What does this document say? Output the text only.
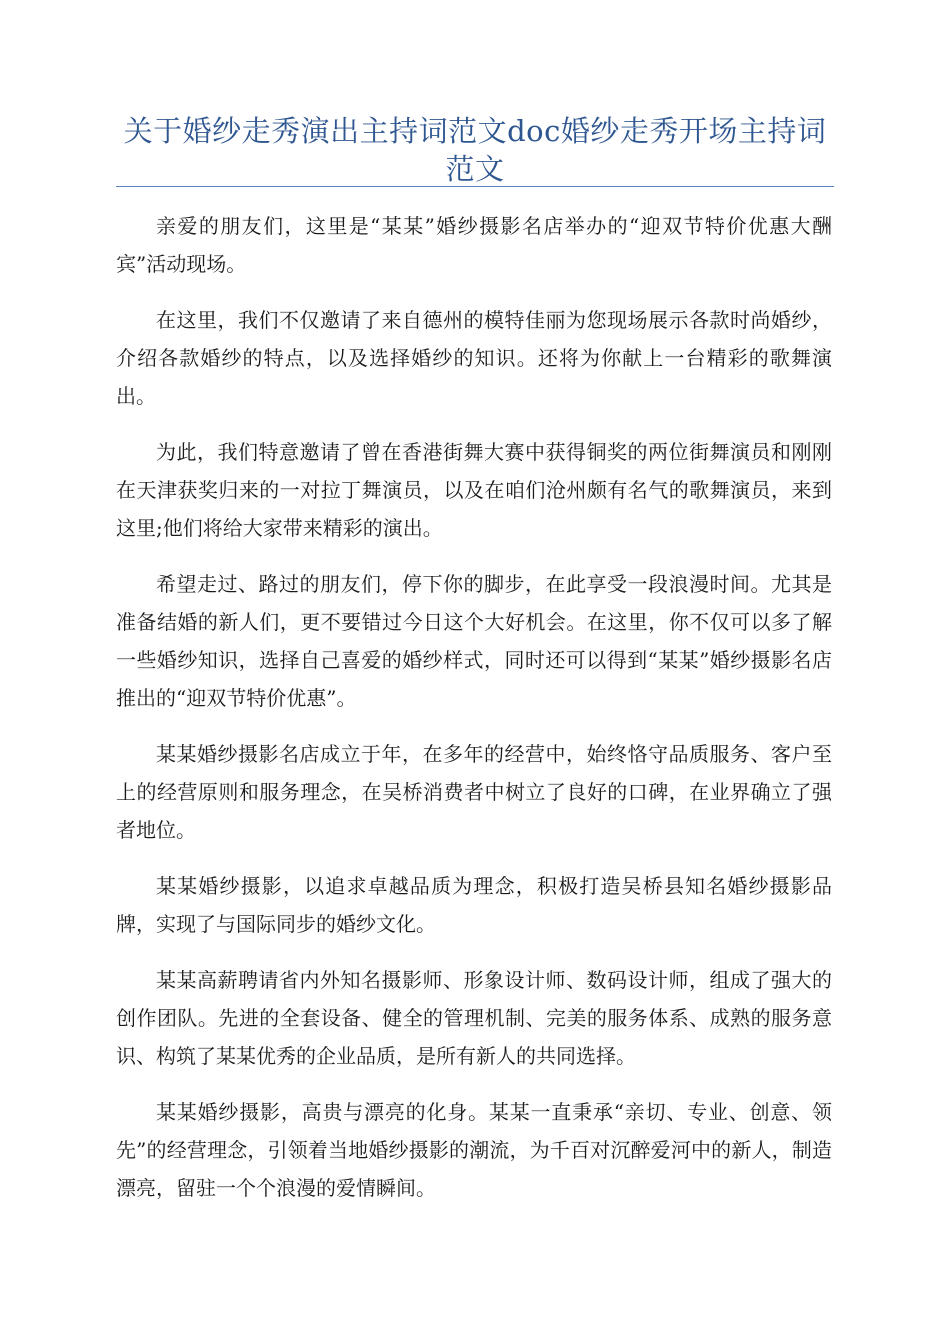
关于婚纱走秀演出主持词范文doc婚纱走秀开场主持词范文

亲爱的朋友们，这里是“某某”婚纱摄影名店举办的“迎双节特价优惠大酬宾”活动现场。

在这里，我们不仅邀请了来自德州的模特佳丽为您现场展示各款时尚婚纱，介绍各款婚纱的特点，以及选择婚纱的知识。还将为你献上一台精彩的歌舞演出。

为此，我们特意邀请了曾在香港街舞大赛中获得铜奖的两位街舞演员和刚刚在天津获奖归来的一对拉丁舞演员，以及在咱们沧州颇有名气的歌舞演员，来到这里;他们将给大家带来精彩的演出。

希望走过、路过的朋友们，停下你的脚步，在此享受一段浪漫时间。尤其是准备结婚的新人们，更不要错过今日这个大好机会。在这里，你不仅可以多了解一些婚纱知识，选择自己喜爱的婚纱样式，同时还可以得到“某某”婚纱摄影名店推出的“迎双节特价优惠”。

某某婚纱摄影名店成立于年，在多年的经营中，始终恪守品质服务、客户至上的经营原则和服务理念，在吴桥消费者中树立了良好的口碑，在业界确立了强者地位。

某某婚纱摄影，以追求卓越品质为理念，积极打造吴桥县知名婚纱摄影品牌，实现了与国际同步的婚纱文化。

某某高薪聘请省内外知名摄影师、形象设计师、数码设计师，组成了强大的创作团队。先进的全套设备、健全的管理机制、完美的服务体系、成熟的服务意识、构筑了某某优秀的企业品质，是所有新人的共同选择。

某某婚纱摄影，高贵与漂亮的化身。某某一直秉承“亲切、专业、创意、领先”的经营理念，引领着当地婚纱摄影的潮流，为千百对沉醉爱河中的新人，制造漂亮，留驻一个个浪漫的爱情瞬间。
